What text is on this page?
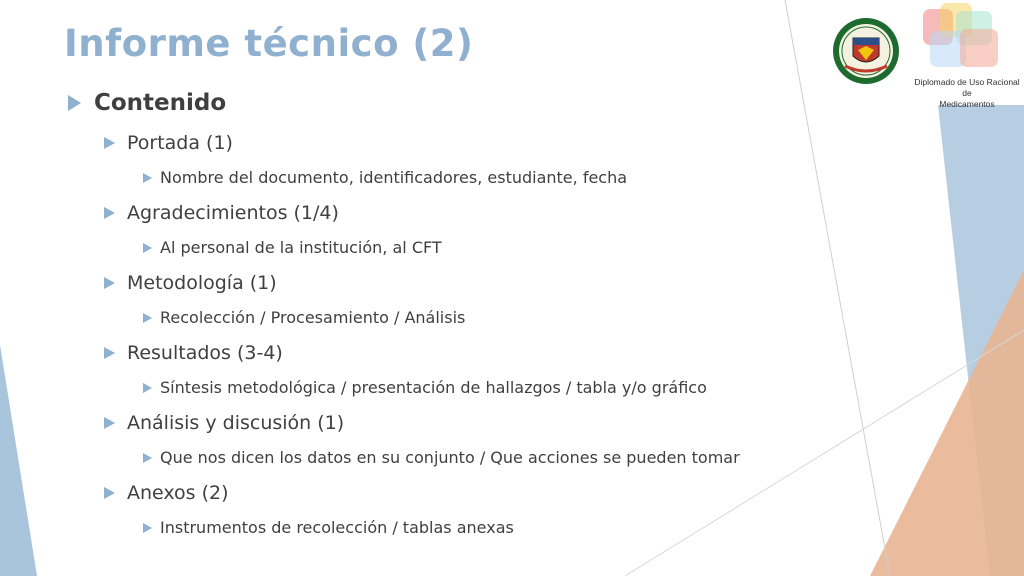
Informe técnico (2)
Contenido
Portada (1)
Nombre del documento, identificadores, estudiante, fecha
Agradecimientos (1/4)
Al personal de la institución, al CFT
Metodología (1)
Recolección / Procesamiento / Análisis
Resultados (3-4)
Síntesis metodológica / presentación de hallazgos / tabla y/o gráfico
Análisis y discusión (1)
Que nos dicen los datos en su conjunto / Que acciones se pueden tomar
Anexos (2)
Instrumentos de recolección / tablas anexas
Diplomado de Uso Racional de
Medicamentos
